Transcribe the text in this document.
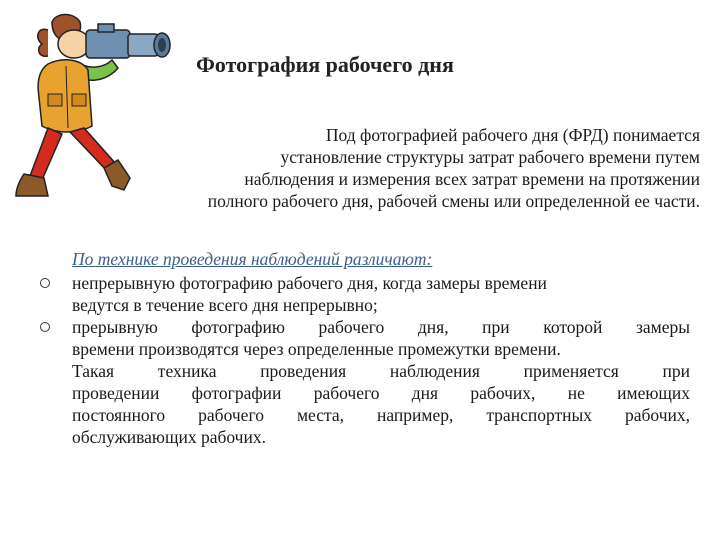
Фотография рабочего дня
Под фотографией рабочего дня (ФРД) понимается
установление структуры затрат рабочего времени путем
наблюдения и измерения всех затрат времени на протяжении
полного рабочего дня, рабочей смены или определенной ее части.
По технике проведения наблюдений различают:
непрерывную фотографию рабочего дня, когда замеры времени
ведутся в течение всего дня непрерывно;
прерывную фотографию рабочего дня, при которой замеры
времени производятся через определенные промежутки времени.
Такая техника проведения наблюдения применяется при
проведении фотографии рабочего дня рабочих, не имеющих
постоянного рабочего места, например, транспортных рабочих,
обслуживающих рабочих.
